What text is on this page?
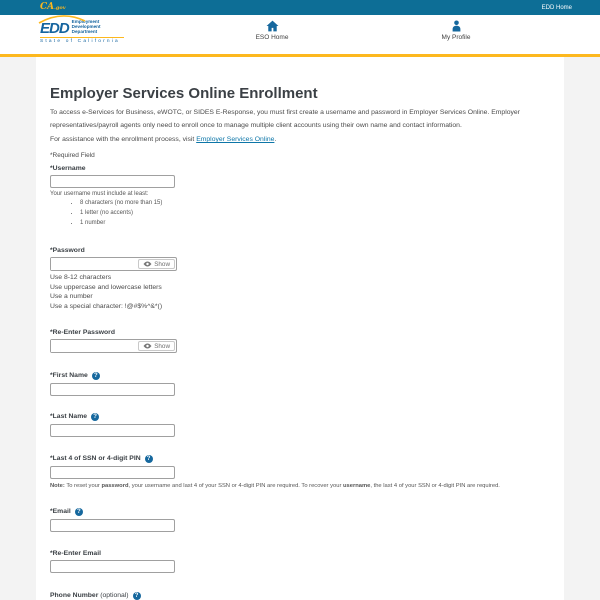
CA.gov	EDD Home
EDD Employment
Development
Department
State of California
ESO Home	My Profile
Employer Services Online Enrollment

To access e-Services for Business, eWOTC, or SIDES E-Response, you must first create a username and password in Employer Services Online. Employer representatives/payroll agents only need to enroll once to manage multiple client accounts using their own name and contact information.

For assistance with the enrollment process, visit Employer Services Online.

*Required Field

*Username
Your username must include at least:
• 8 characters (no more than 15)
• 1 letter (no accents)
• 1 number
*Password
Show
Use 8-12 characters
Use uppercase and lowercase letters
Use a number
Use a special character: !@#$%^&*()
*Re-Enter Password
Show
*First Name ?
*Last Name ?
*Last 4 of SSN or 4-digit PIN ?
Note: To reset your password, your username and last 4 of your SSN or 4-digit PIN are required. To recover your username, the last 4 of your SSN or 4-digit PIN are required.
*Email ?
*Re-Enter Email
Phone Number (optional) ?
